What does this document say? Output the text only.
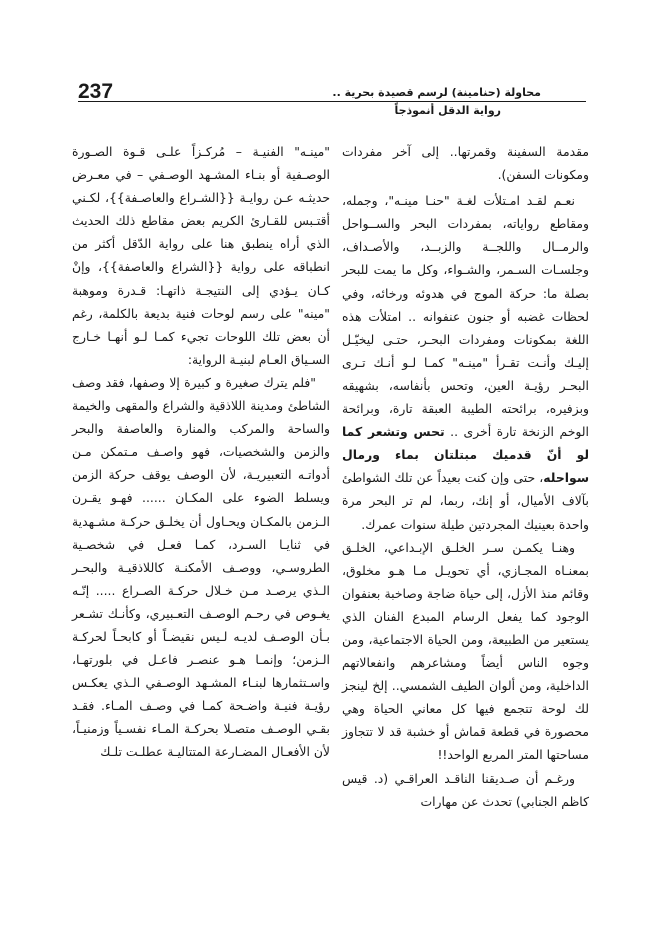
237	محاولة (حنامينة) لرسم قصيدة بحرية ..
رواية الدقل أنموذجاً

مقدمة السفينة وقمرتها.. إلى آخر مفردات ومكونات السفن).

نعـم لقـد امـتلأت لغـة "حنـا مينـه"، وجمله، ومقاطع رواياته، بمفردات البحر والســواحل والرمــال واللجــة والزبــد، والأصـداف، وجلسـات السـمر، والشـواء، وكل ما يمت للبحر بصلة ما: حركة الموج في هدوئه ورخائه، وفي لحظات غضبه أو جنون عنفوانه .. امتلأت هذه اللغة بمكونات ومفردات البحـر، حتـى ليخيّـل إليـك وأنـت تقـرأ "مينـه" كمـا لـو أنـك تـرى البحـر رؤيـة العين، وتحس بأنفاسه، بشهيقه وبزفيره، برائحته الطيبة العبقة تارة، وبرائحة الوخم الزنخة تارة أخرى .. تحس وتشعر كما لو أنّ قدميك مبتلتان بماء ورمال سواحله، حتى وإن كنت بعيداً عن تلك الشواطئ بآلاف الأميال، أو إنك، ربما، لم تر البحر مرة واحدة بعينيك المجردتين طيلة سنوات عمرك.

وهنـا يكمـن سـر الخلـق الإبـداعي، الخلـق بمعنـاه المجـازي، أي تحويـل مـا هـو مخلوق، وقائم منذ الأزل، إلى حياة ضاجة وصاخبة بعنفوان الوجود كما يفعل الرسام المبدع الفنان الذي يستعير من الطبيعة، ومن الحياة الاجتماعية، ومن وجوه الناس أيضاً ومشاعرهم وانفعالاتهم الداخلية، ومن ألوان الطيف الشمسي.. إلخ لينجز لك لوحة تتجمع فيها كل معاني الحياة وهي محصورة في قطعة قماش أو خشبة قد لا تتجاوز مساحتها المتر المربع الواحد!!

ورغـم أن صـديقنا الناقـد العراقـي (د. قيس كاظم الجنابي) تحدث عن مهارات

"مينـه" الفنيـة – مُركـزاً علـى قـوة الصـورة الوصـفية أو بنـاء المشـهد الوصـفي – في معـرض حديثـه عـن روايـة {{الشـراع والعاصـفة}}، لكـني أقتـبس للقـارئ الكريم بعض مقاطع ذلك الحديث الذي أراه ينطبق هنا على رواية الدّقل أكثر من انطباقه على رواية {{الشراع والعاصفة}}، وإنْ كـان يـؤدي إلى النتيجـة ذاتهـا: قـدرة وموهبة "مينه" على رسم لوحات فنية بديعة بالكلمة، رغم أن بعض تلك اللوحات تجيء كمـا لـو أنهـا خـارج السـياق العـام لبنيـة الرواية:

"فلم يترك صغيرة و كبيرة إلا وصفها، فقد وصف الشاطئ ومدينة اللاذقية والشراع والمقهى والخيمة والساحة والمركب والمنارة والعاصفة والبحر والزمن والشخصيات، فهو واصـف مـتمكن مـن أدواتـه التعبيريـة، لأن الوصف يوقف حركة الزمن ويسلط الضوء على المكـان ...... فهـو يقـرن الـزمن بالمكـان ويحـاول أن يخلـق حركـة مشـهدية في ثنايـا السـرد، كمـا فعـل في شخصـية الطروسـي، ووصـف الأمكنـة كاللاذقيـة والبحـر الـذي يرصـد مـن خـلال حركـة الصـراع ..... إنّـه يغـوص في رحـم الوصـف التعـبيري، وكأنـك تشـعر بـأن الوصـف لديـه لـيس نقيضـاً أو كابحـاً لحركـة الـزمن؛ وإنمـا هـو عنصـر فاعـل في بلورتهـا، واسـتثمارها لبنـاء المشـهد الوصـفي الـذي يعكـس رؤيـة فنيـة واضـحة كمـا في وصـف المـاء. فقـد بقـي الوصـف متصـلا بحركـة المـاء نفسـياً وزمنيـاً، لأن الأفعـال المضـارعة المتتاليـة عطلـت تلـك
